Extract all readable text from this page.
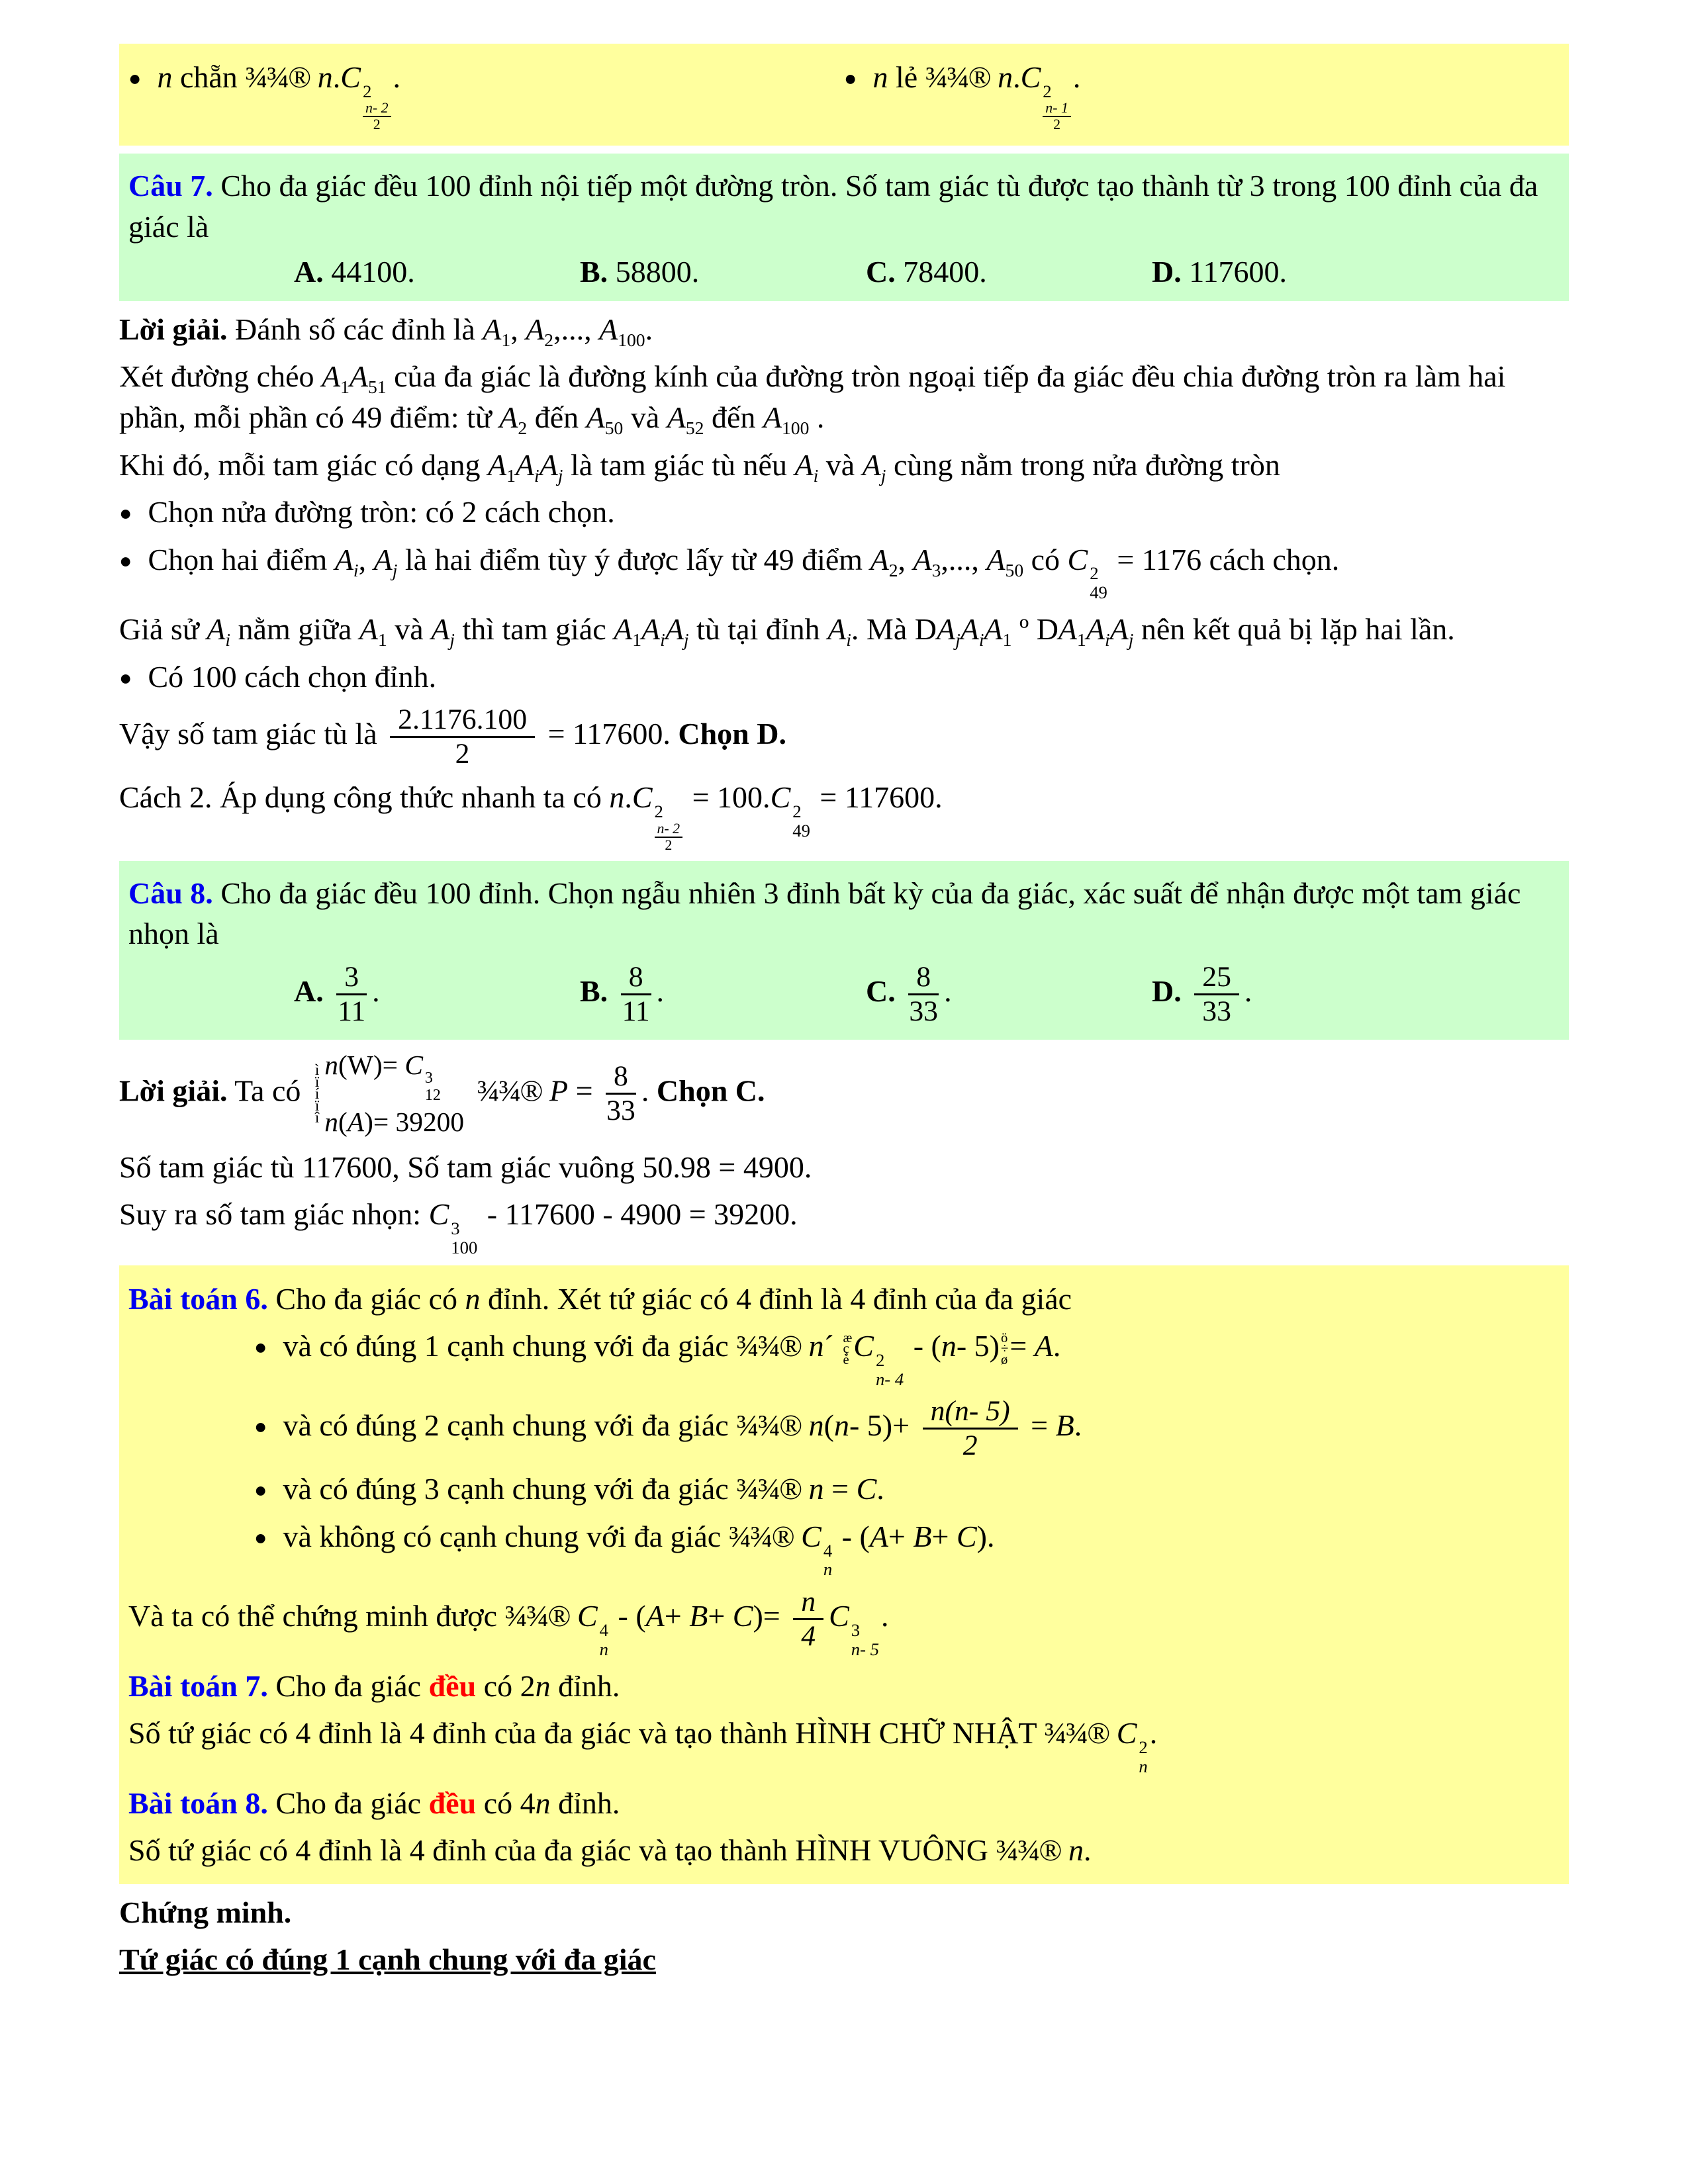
● n chẵn ¾¾® n.C 2
n- 2
2
.	● n lẻ ¾¾® n.C 2
n- 1
2
.
Câu 7. Cho đa giác đều 100 đỉnh nội tiếp một đường tròn. Số tam giác tù được tạo thành từ 3 trong 100 đỉnh của đa giác là
A. 44100.	B. 58800.	C. 78400.	D. 117600.
Lời giải. Đánh số các đỉnh là $A_1$, $A_2$,..., $A_{100}$.
Xét đường chéo $A_1A_{51}$ của đa giác là đường kính của đường tròn ngoại tiếp đa giác đều chia đường tròn ra làm hai phần, mỗi phần có 49 điểm: từ $A_2$ đến $A_{50}$ và $A_{52}$ đến $A_{100}$ .
Khi đó, mỗi tam giác có dạng $A_1A_iA_j$ là tam giác tù nếu $A_i$ và $A_j$ cùng nằm trong nửa đường tròn
● Chọn nửa đường tròn: có 2 cách chọn.
● Chọn hai điểm $A_i$, $A_j$ là hai điểm tùy ý được lấy từ 49 điểm $A_2$, $A_3$,..., $A_{50}$ có C 2
49
= 1176 cách chọn.
Giả sử $A_i$ nằm giữa $A_1$ và $A_j$ thì tam giác $A_1A_iA_j$ tù tại đỉnh $A_i$. Mà $DA_jA_iA_1$ º $DA_1A_iA_j$ nên kết quả bị lặp hai lần.
● Có 100 cách chọn đỉnh.
Vậy số tam giác tù là $\frac{2.1176.100}{2} = 117600$. Chọn D.
Cách 2. Áp dụng công thức nhanh ta có n.C 2
n- 2
2
= 100.C 2
49
= 117600.
Câu 8. Cho đa giác đều 100 đỉnh. Chọn ngẫu nhiên 3 đỉnh bất kỳ của đa giác, xác suất để nhận được một tam giác nhọn là
A. $\frac{3}{11}$ .	B. $\frac{8}{11}$ .	C. $\frac{8}{33}$ .	D. $\frac{25}{33}$ .
Lời giải. Ta có
ì
ï
í
ï
î
n(W)= C 3
12
n(A)= 39200
¾¾® $P = \frac{8}{33}$ . Chọn C.
Số tam giác tù 117600, Số tam giác vuông 50.98 = 4900.
Suy ra số tam giác nhọn: C 3
100
- 117600 - 4900 = 39200.
Bài toán 6. Cho đa giác có n đỉnh. Xét tứ giác có 4 đỉnh là 4 đỉnh của đa giác
● và có đúng 1 cạnh chung với đa giác ¾¾® n´ æ
ç
è C 2
n- 4
- (n- 5) ö
÷
ø = A.
● và có đúng 2 cạnh chung với đa giác ¾¾® n(n- $5)+ \frac{n(n- 5)}{2} = B$.
● và có đúng 3 cạnh chung với đa giác ¾¾® n = C.
● và không có cạnh chung với đa giác ¾¾® C 4
n
- (A+ B+ C).
Và ta có thể chứng minh được ¾¾® C 4
n
- $(A+ B+ C)= \frac{n}{4}$ C 3
n- 5
.
Bài toán 7. Cho đa giác đều có 2n đỉnh.
Số tứ giác có 4 đỉnh là 4 đỉnh của đa giác và tạo thành HÌNH CHỮ NHẬT ¾¾® C 2
n
.
Bài toán 8. Cho đa giác đều có 4n đỉnh.
Số tứ giác có 4 đỉnh là 4 đỉnh của đa giác và tạo thành HÌNH VUÔNG ¾¾® n.
Chứng minh.
Tứ giác có đúng 1 cạnh chung với đa giác
